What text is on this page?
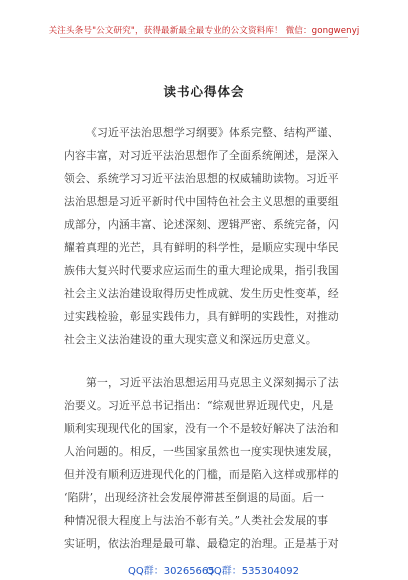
关注头条号"公文研究"，获得最新最全最专业的公文资料库！ 微信：gongwenyj
读书心得体会
《习近平法治思想学习纲要》体系完整、结构严谨、
内容丰富，对习近平法治思想作了全面系统阐述，是深入
领会、系统学习习近平法治思想的权威辅助读物。习近平
法治思想是习近平新时代中国特色社会主义思想的重要组
成部分，内涵丰富、论述深刻、逻辑严密、系统完备，闪
耀着真理的光芒，具有鲜明的科学性，是顺应实现中华民
族伟大复兴时代要求应运而生的重大理论成果，指引我国
社会主义法治建设取得历史性成就、发生历史性变革，经
过实践检验，彰显实践伟力，具有鲜明的实践性，对推动
社会主义法治建设的重大现实意义和深远历史意义。
第一，习近平法治思想运用马克思主义深刻揭示了法
治要义。习近平总书记指出：“综观世界近现代史，凡是
顺利实现现代化的国家，没有一个不是较好解决了法治和
人治问题的。相反，一些国家虽然也一度实现快速发展，
但并没有顺利迈进现代化的门槛，而是陷入这样或那样的
‘陷阱’，出现经济社会发展停滞甚至倒退的局面。后一
种情况很大程度上与法治不彰有关。”人类社会发展的事
实证明，依法治理是最可靠、最稳定的治理。正是基于对
QQ群：30265665
QQ群：535304092
